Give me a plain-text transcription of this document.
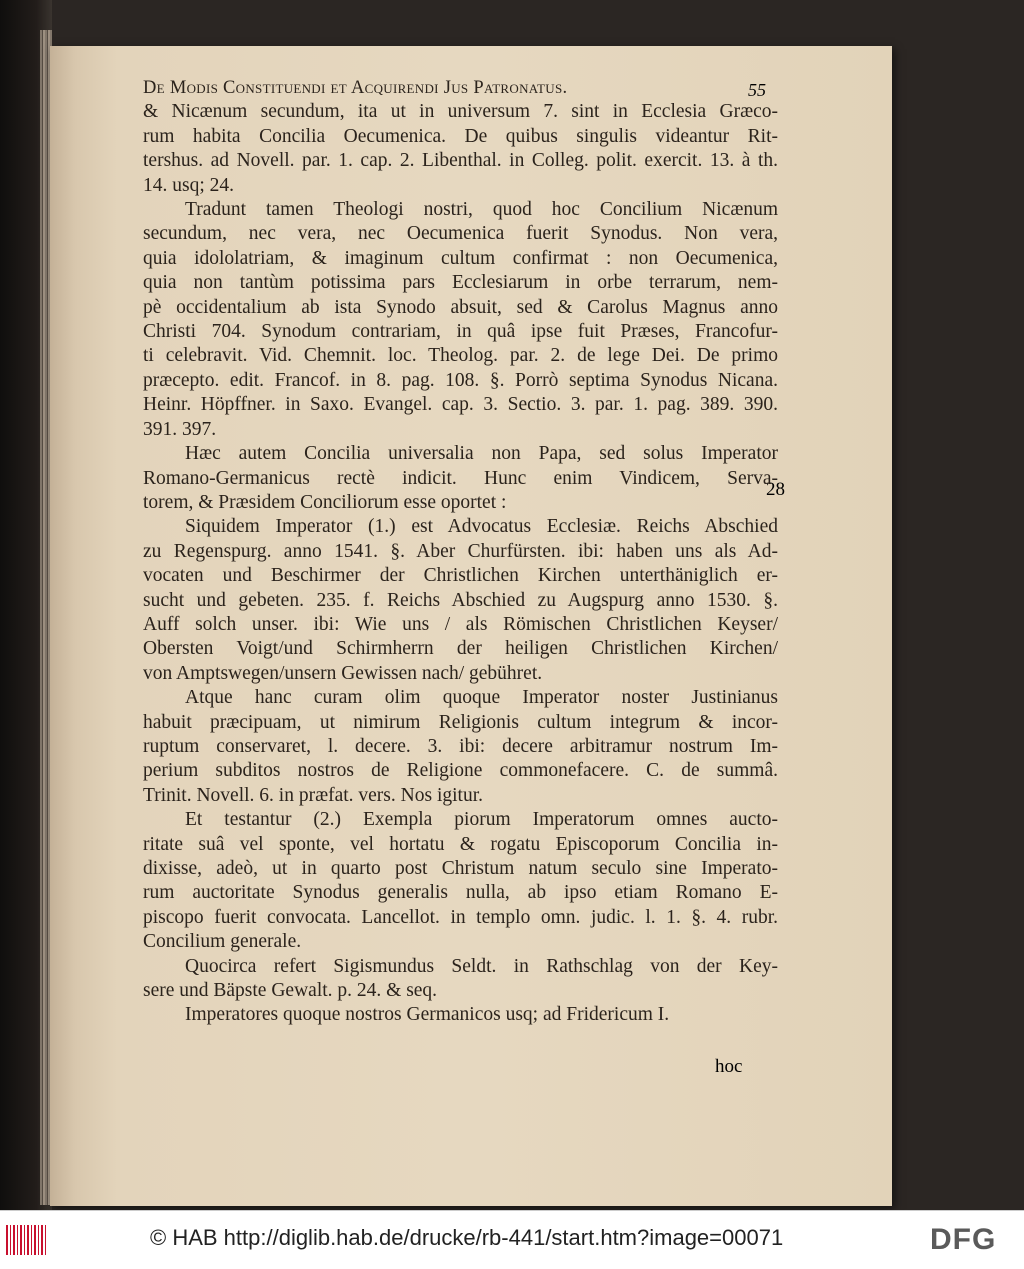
55
28
De Modis Constituendi et Acquirendi Jus Patronatus.
& Nicænum secundum, ita ut in universum 7. sint in Ecclesia Græco-
rum habita Concilia Oecumenica. De quibus singulis videantur Rit-
tershus. ad Novell. par. 1. cap. 2. Libenthal. in Colleg. polit. exercit. 13. à th.
14. usq; 24.
Tradunt tamen Theologi nostri, quod hoc Concilium Nicænum
secundum, nec vera, nec Oecumenica fuerit Synodus. Non vera,
quia idololatriam, & imaginum cultum confirmat : non Oecumenica,
quia non tantùm potissima pars Ecclesiarum in orbe terrarum, nem-
pè occidentalium ab ista Synodo absuit, sed & Carolus Magnus anno
Christi 704. Synodum contrariam, in quâ ipse fuit Præses, Francofur-
ti celebravit. Vid. Chemnit. loc. Theolog. par. 2. de lege Dei. De primo
præcepto. edit. Francof. in 8. pag. 108. §. Porrò septima Synodus Nicana.
Heinr. Höpffner. in Saxo. Evangel. cap. 3. Sectio. 3. par. 1. pag. 389. 390.
391. 397.
Hæc autem Concilia universalia non Papa, sed solus Imperator
Romano-Germanicus rectè indicit. Hunc enim Vindicem, Serva-
torem, & Præsidem Conciliorum esse oportet :
Siquidem Imperator (1.) est Advocatus Ecclesiæ. Reichs Abschied
zu Regenspurg. anno 1541. §. Aber Churfürsten. ibi: haben uns als Ad-
vocaten und Beschirmer der Christlichen Kirchen unterthäniglich er-
sucht und gebeten. 235. f. Reichs Abschied zu Augspurg anno 1530. §.
Auff solch unser. ibi: Wie uns / als Römischen Christlichen Keyser/
Obersten Voigt/und Schirmherrn der heiligen Christlichen Kirchen/
von Amptswegen/unsern Gewissen nach/ gebühret.
Atque hanc curam olim quoque Imperator noster Justinianus
habuit præcipuam, ut nimirum Religionis cultum integrum & incor-
ruptum conservaret, l. decere. 3. ibi: decere arbitramur nostrum Im-
perium subditos nostros de Religione commonefacere. C. de summâ.
Trinit. Novell. 6. in præfat. vers. Nos igitur.
Et testantur (2.) Exempla piorum Imperatorum omnes aucto-
ritate suâ vel sponte, vel hortatu & rogatu Episcoporum Concilia in-
dixisse, adeò, ut in quarto post Christum natum seculo sine Imperato-
rum auctoritate Synodus generalis nulla, ab ipso etiam Romano E-
piscopo fuerit convocata. Lancellot. in templo omn. judic. l. 1. §. 4. rubr.
Concilium generale.
Quocirca refert Sigismundus Seldt. in Rathschlag von der Key-
sere und Bäpste Gewalt. p. 24. & seq.
Imperatores quoque nostros Germanicos usq; ad Fridericum I.
hoc
© HAB http://diglib.hab.de/drucke/rb-441/start.htm?image=00071	DFG
